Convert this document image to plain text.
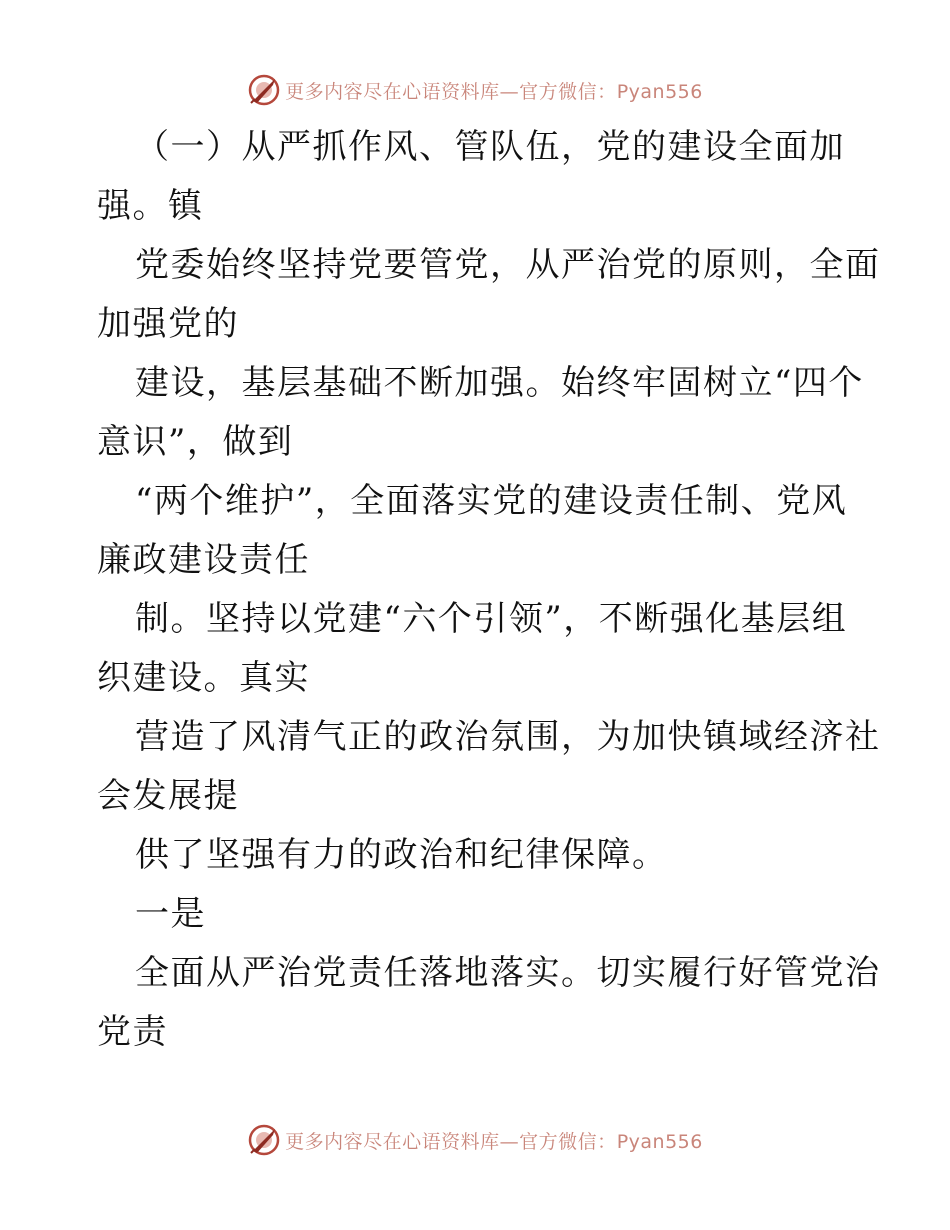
更多内容尽在心语资料库—官方微信：Pyan556
（一）从严抓作风、管队伍，党的建设全面加
强。镇
党委始终坚持党要管党，从严治党的原则，全面
加强党的
建设，基层基础不断加强。始终牢固树立“四个
意识”，做到
“两个维护”，全面落实党的建设责任制、党风
廉政建设责任
制。坚持以党建“六个引领”，不断强化基层组
织建设。真实
营造了风清气正的政治氛围，为加快镇域经济社
会发展提
供了坚强有力的政治和纪律保障。
一是
全面从严治党责任落地落实。切实履行好管党治
党责
更多内容尽在心语资料库—官方微信：Pyan556
